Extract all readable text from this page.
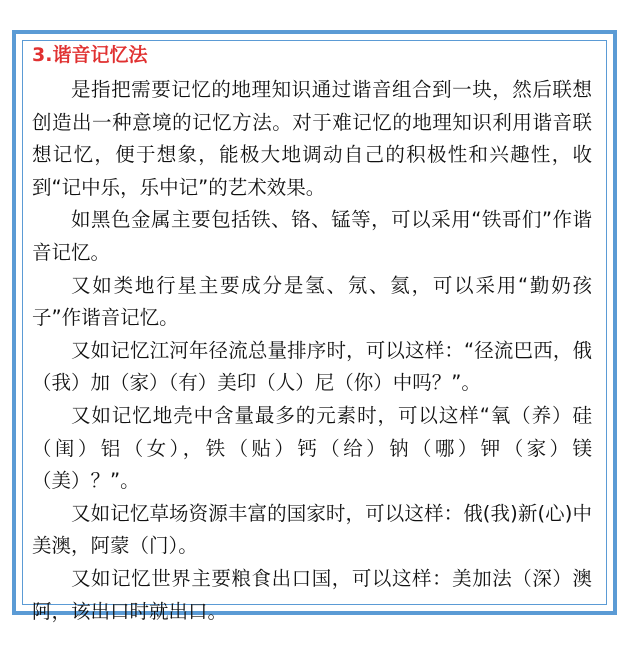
3.谐音记忆法

是指把需要记忆的地理知识通过谐音组合到一块，然后联想创造出一种意境的记忆方法。对于难记忆的地理知识利用谐音联想记忆，便于想象，能极大地调动自己的积极性和兴趣性，收到“记中乐，乐中记”的艺术效果。

如黑色金属主要包括铁、铬、锰等，可以采用“铁哥们”作谐音记忆。

又如类地行星主要成分是氢、氖、氦，可以采用“勤奶孩子”作谐音记忆。

又如记忆江河年径流总量排序时，可以这样：“径流巴西，俄（我）加（家）（有）美印（人）尼（你）中吗？”。

又如记忆地壳中含量最多的元素时，可以这样“氧（养）硅（闺）铝（女），铁（贴）钙（给）钠（哪）钾（家）镁（美）？”。

又如记忆草场资源丰富的国家时，可以这样：俄(我)新(心)中美澳，阿蒙（门）。

又如记忆世界主要粮食出口国，可以这样：美加法（深）澳阿，该出口时就出口。
